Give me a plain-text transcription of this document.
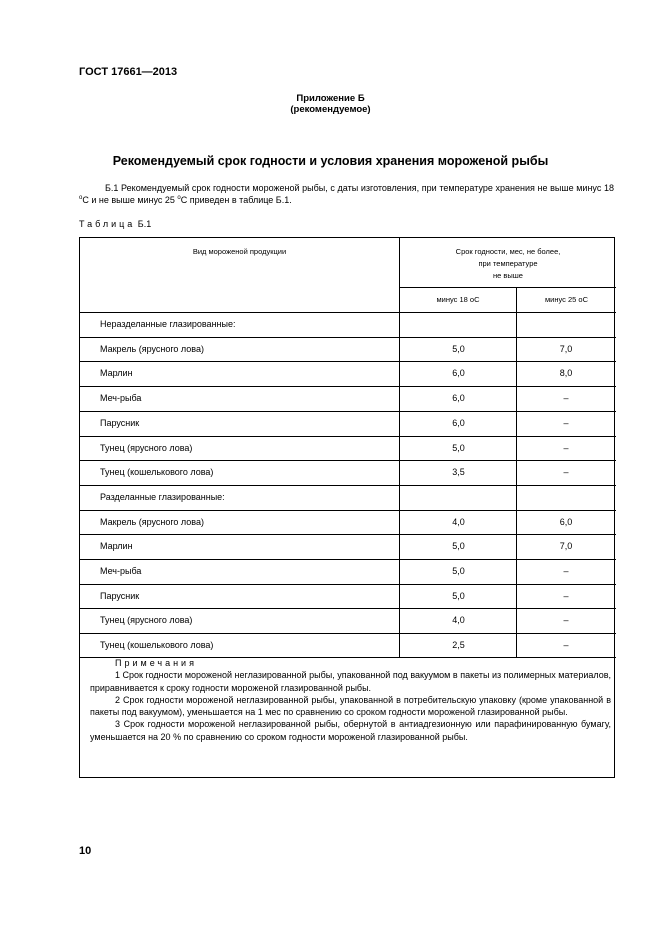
ГОСТ 17661—2013
Приложение Б
(рекомендуемое)
Рекомендуемый срок годности и условия хранения мороженой рыбы
Б.1 Рекомендуемый срок годности мороженой рыбы, с даты изготовления, при температуре хранения не выше минус 18 $^о$С и не выше минус 25 $^о$С приведен в таблице Б.1.
Таблица Б.1
Вид мороженой продукции	Срок годности, мес, не более,
при температуре
не выше
минус 18 оС	минус 25 оС
Неразделанные глазированные:
Макрель (ярусного лова)	5,0	7,0
Марлин	6,0	8,0
Меч-рыба	6,0	–
Парусник	6,0	–
Тунец (ярусного лова)	5,0	–
Тунец (кошелькового лова)	3,5	–
Разделанные глазированные:
Макрель (ярусного лова)	4,0	6,0
Марлин	5,0	7,0
Меч-рыба	5,0	–
Парусник	5,0	–
Тунец (ярусного лова)	4,0	–
Тунец (кошелькового лова)	2,5	–
Примечания
1 Срок годности мороженой неглазированной рыбы, упакованной под вакуумом в пакеты из полимерных материалов, приравнивается к сроку годности мороженой глазированной рыбы.
2 Срок годности мороженой неглазированной рыбы, упакованной в потребительскую упаковку (кроме упакованной в пакеты под вакуумом), уменьшается на 1 мес по сравнению со сроком годности мороженой глазированной рыбы.
3 Срок годности мороженой неглазированной рыбы, обернутой в антиадгезионную или парафинированную бумагу, уменьшается на 20 % по сравнению со сроком годности мороженой глазированной рыбы.
10
